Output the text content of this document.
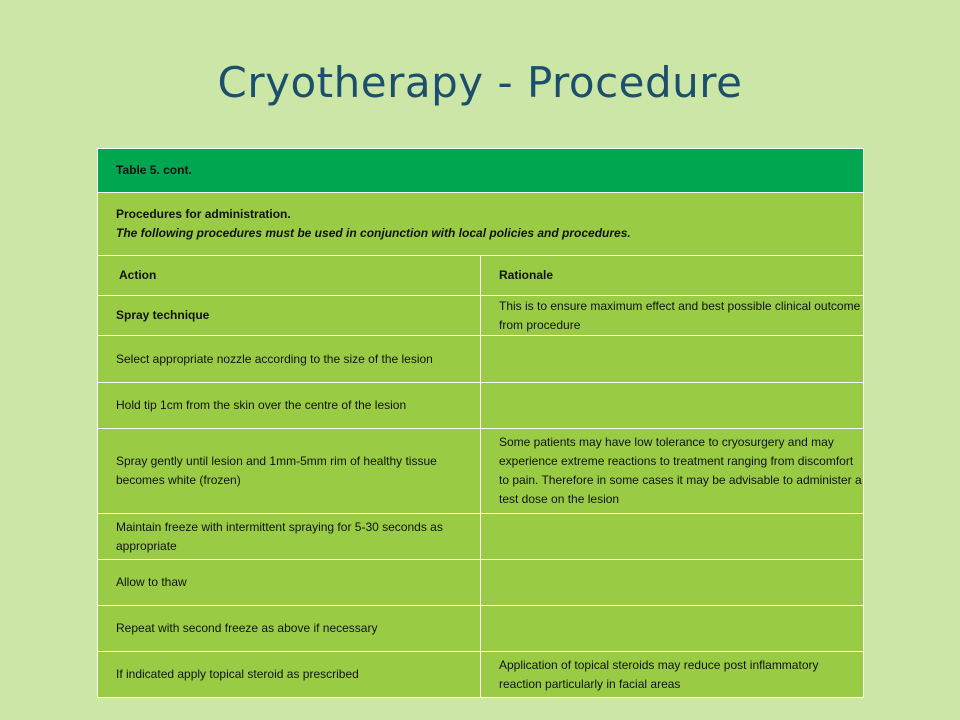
Cryotherapy - Procedure
Table 5. cont.	

Procedures for administration.
The following procedures must be used in conjunction with local policies and procedures.	

Action	Rationale
Spray technique	This is to ensure maximum effect and best possible clinical outcome from procedure
Select appropriate nozzle according to the size of the lesion	
Hold tip 1cm from the skin over the centre of the lesion	
Spray gently until lesion and 1mm-5mm rim of healthy tissue becomes white (frozen)	Some patients may have low tolerance to cryosurgery and may experience extreme reactions to treatment ranging from discomfort to pain. Therefore in some cases it may be advisable to administer a test dose on the lesion
Maintain freeze with intermittent spraying for 5-30 seconds as appropriate	
Allow to thaw	
Repeat with second freeze as above if necessary	
If indicated apply topical steroid as prescribed	Application of topical steroids may reduce post inflammatory reaction particularly in facial areas
